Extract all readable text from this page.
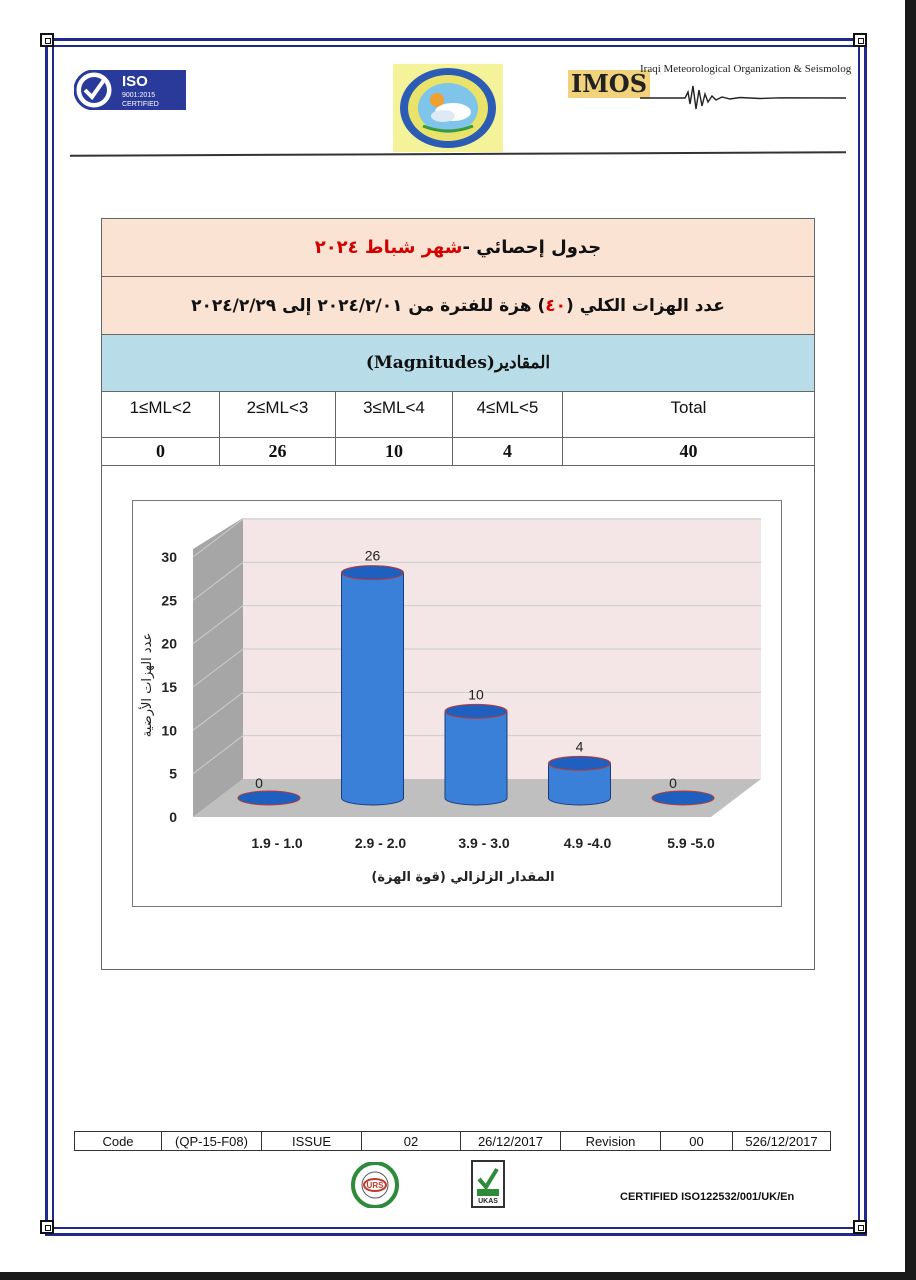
ISO
9001:2015
CERTIFIED
IMOS
Iraqi Meteorological Organization & Seismolog
جدول إحصائي -شهر شباط ٢٠٢٤
عدد الهزات الكلي (٤٠) هزة للفترة من ٢٠٢٤/٢/٠١ إلى ٢٠٢٤/٢/٢٩
المقادير(Magnitudes)
1≤ML<2	2≤ML<3	3≤ML<4	4≤ML<5	Total
0	26	10	4	40
0
5
10
15
20
25
30
0
26
10
4
0
1.9 - 1.0	2.9 - 2.0	3.9 - 3.0	4.9 -4.0	5.9 -5.0
عدد الهزات الأرضية
المقدار الزلزالي (قوة الهزة)
Code	(QP-15-F08)	ISSUE	02	26/12/2017	Revision	00	526/12/2017
URS
UKAS	CERTIFIED ISO122532/001/UK/En
